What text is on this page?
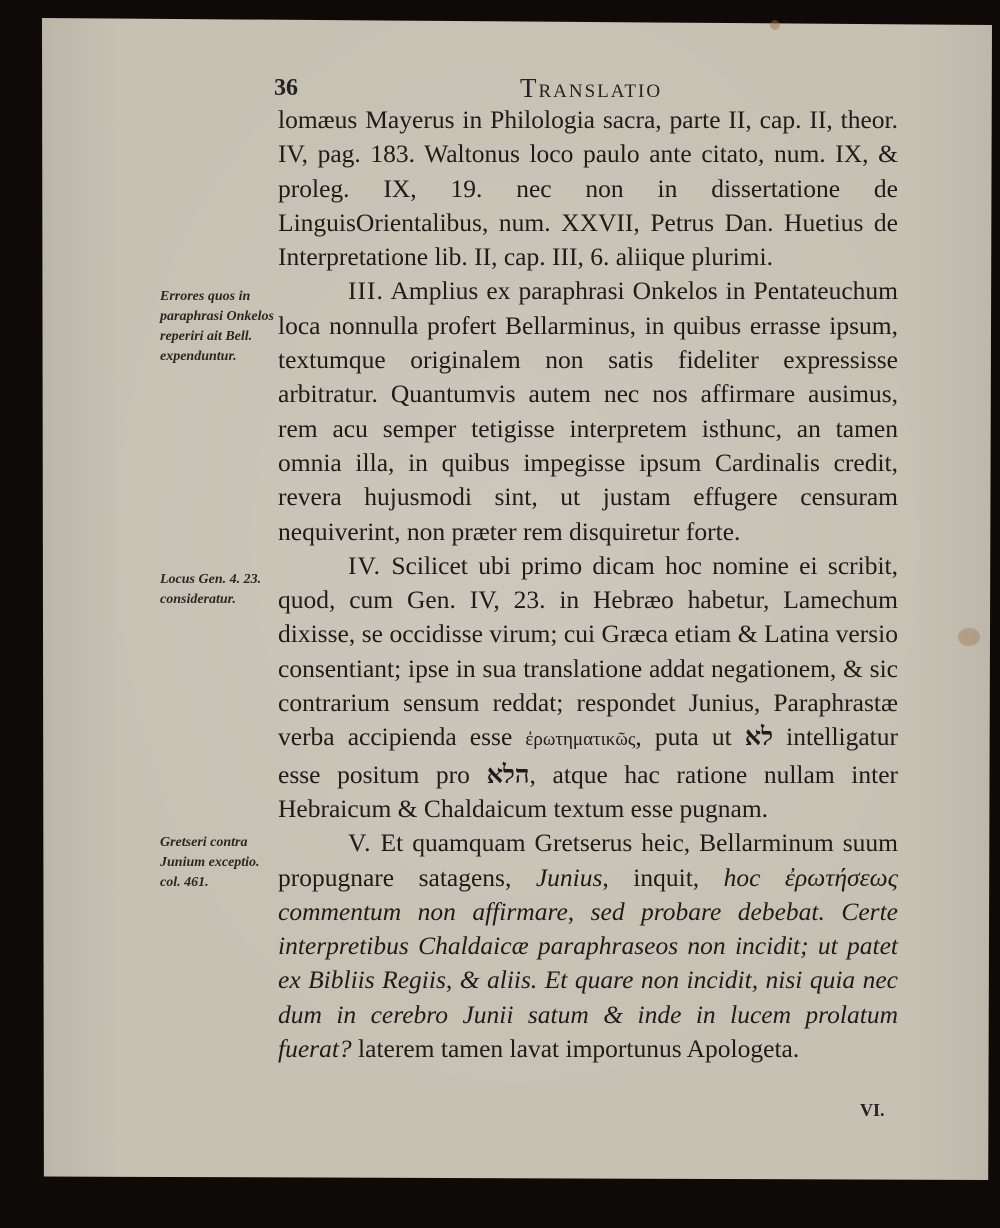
36	Translatio
Errores quos in paraphrasi Onkelos reperiri ait Bell. expenduntur.
Locus Gen. 4. 23. consideratur.
Gretseri contra Junium exceptio. col. 461.

lomæus Mayerus in Philologia sacra, parte II, cap. II, theor. IV, pag. 183. Waltonus loco paulo ante citato, num. IX, & proleg. IX, 19. nec non in dissertatione de LinguisOrientalibus, num. XXVII, Petrus Dan. Huetius de Interpretatione lib. II, cap. III, 6. aliique plurimi.

III. Amplius ex paraphrasi Onkelos in Pentateuchum loca nonnulla profert Bellarminus, in quibus errasse ipsum, textumque originalem non satis fideliter expressisse arbitratur. Quantumvis autem nec nos affirmare ausimus, rem acu semper tetigisse interpretem isthunc, an tamen omnia illa, in quibus impegisse ipsum Cardinalis credit, revera hujusmodi sint, ut justam effugere censuram nequiverint, non præter rem disquiretur forte.

IV. Scilicet ubi primo dicam hoc nomine ei scribit, quod, cum Gen. IV, 23. in Hebræo habetur, Lamechum dixisse, se occidisse virum; cui Græca etiam & Latina versio consentiant; ipse in sua translatione addat negationem, & sic contrarium sensum reddat; respondet Junius, Paraphrastæ verba accipienda esse ἐρωτηματικῶς, puta ut לא intelligatur esse positum pro הלא, atque hac ratione nullam inter Hebraicum & Chaldaicum textum esse pugnam.

V. Et quamquam Gretserus heic, Bellarminum suum propugnare satagens, Junius, inquit, hoc ἐρωτήσεως commentum non affirmare, sed probare debebat. Certe interpretibus Chaldaicæ paraphraseos non incidit; ut patet ex Bibliis Regiis, & aliis. Et quare non incidit, nisi quia nec dum in cerebro Junii satum & inde in lucem prolatum fuerat? laterem tamen lavat importunus Apologeta.

VI.
